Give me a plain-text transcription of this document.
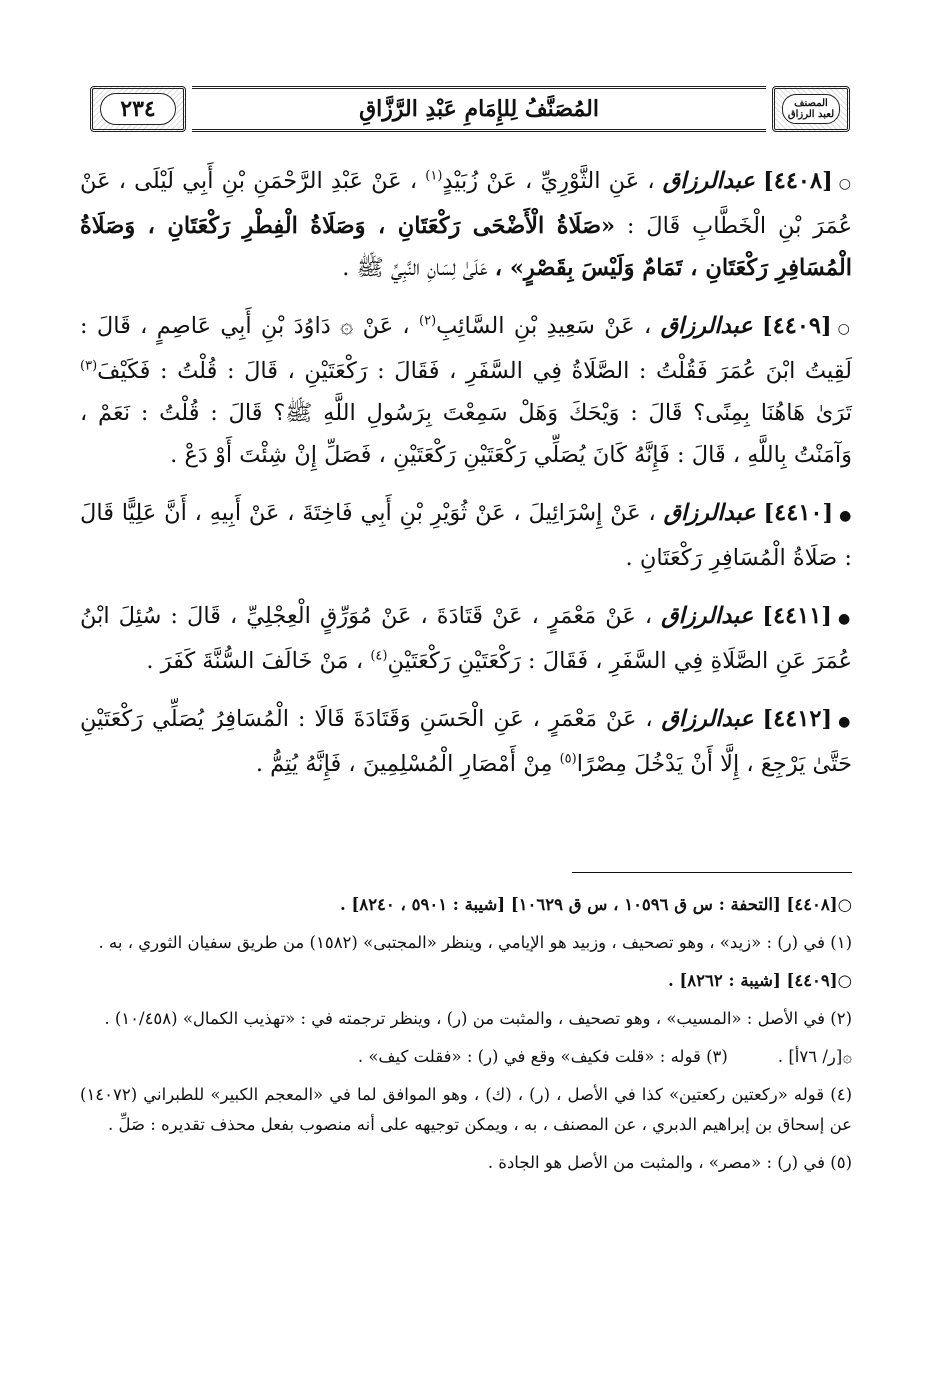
المصنف
لعبد الرزاق
المُصَنَّفُ لِلإِمَامِ عَبْدِ الرَّزَّاقِ
٢٣٤

○[٤٤٠٨] عبدالرزاق ، عَنِ الثَّوْرِيِّ ، عَنْ زُبَيْدٍ$^{(١)}$ ، عَنْ عَبْدِ الرَّحْمَنِ بْنِ أَبِي لَيْلَى ، عَنْ عُمَرَ بْنِ الْخَطَّابِ قَالَ : «صَلَاةُ الْأَضْحَى رَكْعَتَانِ ، وَصَلَاةُ الْفِطْرِ رَكْعَتَانِ ، وَصَلَاةُ الْمُسَافِرِ رَكْعَتَانِ ، تَمَامٌ وَلَيْسَ بِقَصْرٍ» ، عَلَىٰ لِسَانِ النَّبِيِّ ﷺ .

○[٤٤٠٩] عبدالرزاق ، عَنْ سَعِيدِ بْنِ السَّائِبِ$^{(٢)}$ ، عَنْ ۞ دَاوُدَ بْنِ أَبِي عَاصِمٍ ، قَالَ : لَقِيتُ ابْنَ عُمَرَ فَقُلْتُ : الصَّلَاةُ فِي السَّفَرِ ، فَقَالَ : رَكْعَتَيْنِ ، قَالَ : قُلْتُ : فَكَيْفَ$^{(٣)}$ تَرَىٰ هَاهُنَا بِمِنًى؟ قَالَ : وَيْحَكَ وَهَلْ سَمِعْتَ بِرَسُولِ اللَّهِ ﷺ؟ قَالَ : قُلْتُ : نَعَمْ ، وَآمَنْتُ بِاللَّهِ ، قَالَ : فَإِنَّهُ كَانَ يُصَلِّي رَكْعَتَيْنِ رَكْعَتَيْنِ ، فَصَلِّ إِنْ شِئْتَ أَوْ دَعْ .

●[٤٤١٠] عبدالرزاق ، عَنْ إِسْرَائِيلَ ، عَنْ ثُوَيْرِ بْنِ أَبِي فَاخِتَةَ ، عَنْ أَبِيهِ ، أَنَّ عَلِيًّا قَالَ : صَلَاةُ الْمُسَافِرِ رَكْعَتَانِ .

●[٤٤١١] عبدالرزاق ، عَنْ مَعْمَرٍ ، عَنْ قَتَادَةَ ، عَنْ مُوَرِّقٍ الْعِجْلِيِّ ، قَالَ : سُئِلَ ابْنُ عُمَرَ عَنِ الصَّلَاةِ فِي السَّفَرِ ، فَقَالَ : رَكْعَتَيْنِ رَكْعَتَيْنِ$^{(٤)}$ ، مَنْ خَالَفَ السُّنَّةَ كَفَرَ .

●[٤٤١٢] عبدالرزاق ، عَنْ مَعْمَرٍ ، عَنِ الْحَسَنِ وَقَتَادَةَ قَالَا : الْمُسَافِرُ يُصَلِّي رَكْعَتَيْنِ حَتَّىٰ يَرْجِعَ ، إِلَّا أَنْ يَدْخُلَ مِصْرًا$^{(٥)}$ مِنْ أَمْصَارِ الْمُسْلِمِينَ ، فَإِنَّهُ يُتِمُّ .

○[٤٤٠٨] [التحفة : س ق ١٠٥٩٦ ، س ق ١٠٦٢٩] [شيبة : ٥٩٠١ ، ٨٢٤٠] .

(١) في (ر) : «زيد» ، وهو تصحيف ، وزبيد هو الإيامي ، وينظر «المجتبى» (١٥٨٢) من طريق سفيان الثوري ، به .

○[٤٤٠٩] [شيبة : ٨٢٦٢] .

(٢) في الأصل : «المسيب» ، وهو تصحيف ، والمثبت من (ر) ، وينظر ترجمته في : «تهذيب الكمال» (١٠/٤٥٨) .

۞[ر/ ٧٦أ] .
(٣) قوله : «قلت فكيف» وقع في (ر) : «فقلت كيف» .

(٤) قوله «ركعتين ركعتين» كذا في الأصل ، (ر) ، (ك) ، وهو الموافق لما في «المعجم الكبير» للطبراني (١٤٠٧٢) عن إسحاق بن إبراهيم الدبري ، عن المصنف ، به ، ويمكن توجيهه على أنه منصوب بفعل محذف تقديره : صَلِّ .

(٥) في (ر) : «مصر» ، والمثبت من الأصل هو الجادة .
